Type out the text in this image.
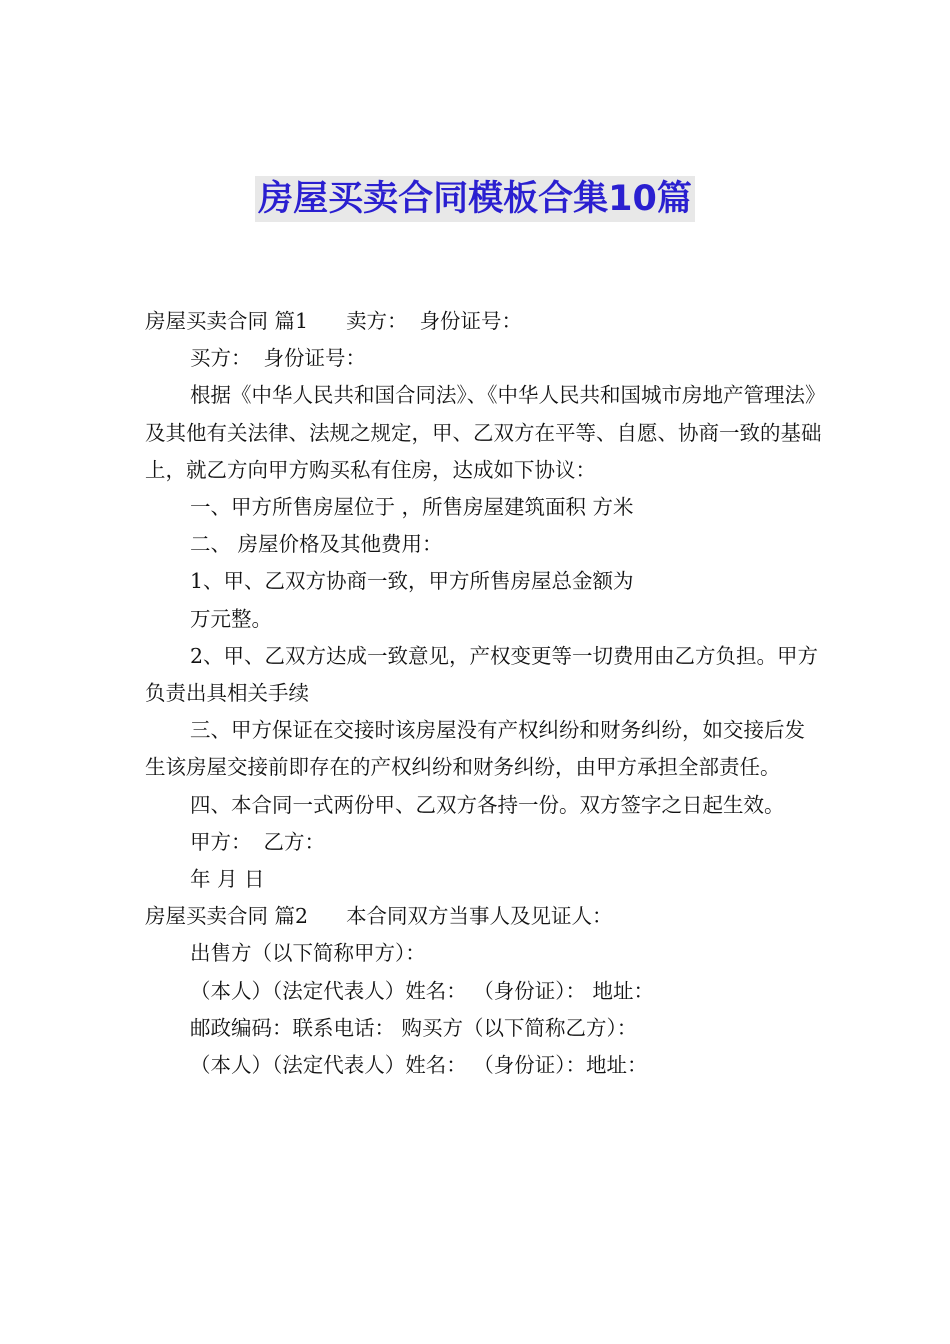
房屋买卖合同模板合集10篇

房屋买卖合同 篇1 卖方： 身份证号：

买方： 身份证号：

根据《中华人民共和国合同法》、《中华人民共和国城市房地产管理法》及其他有关法律、法规之规定，甲、乙双方在平等、自愿、协商一致的基础上，就乙方向甲方购买私有住房，达成如下协议：

一、甲方所售房屋位于 ，所售房屋建筑面积 方米

二、 房屋价格及其他费用：

1、甲、乙双方协商一致，甲方所售房屋总金额为

万元整。

2、甲、乙双方达成一致意见，产权变更等一切费用由乙方负担。甲方负责出具相关手续

三、甲方保证在交接时该房屋没有产权纠纷和财务纠纷，如交接后发生该房屋交接前即存在的产权纠纷和财务纠纷，由甲方承担全部责任。

四、本合同一式两份甲、乙双方各持一份。双方签字之日起生效。

甲方： 乙方：

年 月 日

房屋买卖合同 篇2 本合同双方当事人及见证人：

出售方（以下简称甲方）：

（本人）（法定代表人）姓名： （身份证）： 地址：

邮政编码：联系电话： 购买方（以下简称乙方）：

（本人）（法定代表人）姓名： （身份证）：地址：
